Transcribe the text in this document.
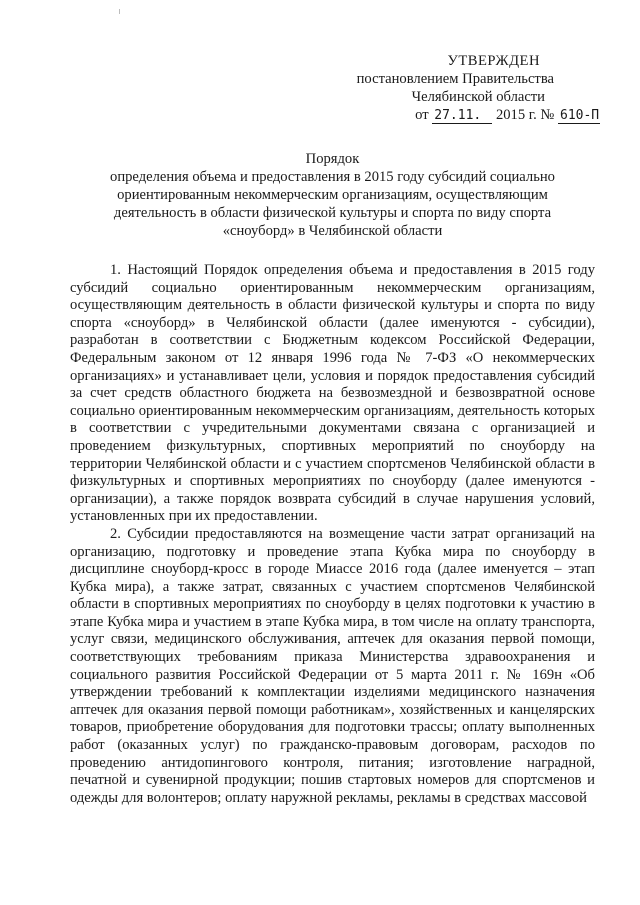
УТВЕРЖДЕН
постановлением Правительства
Челябинской области
от 27.11. 2015 г. № 610-П
Порядок
определения объема и предоставления в 2015 году субсидий социально
ориентированным некоммерческим организациям, осуществляющим
деятельность в области физической культуры и спорта по виду спорта
«сноуборд» в Челябинской области

1. Настоящий Порядок определения объема и предоставления в 2015 году субсидий социально ориентированным некоммерческим организациям, осуществляющим деятельность в области физической культуры и спорта по виду спорта «сноуборд» в Челябинской области (далее именуются - субсидии), разработан в соответствии с Бюджетным кодексом Российской Федерации, Федеральным законом от 12 января 1996 года № 7-ФЗ «О некоммерческих организациях» и устанавливает цели, условия и порядок предоставления субсидий за счет средств областного бюджета на безвозмездной и безвозвратной основе социально ориентированным некоммерческим организациям, деятельность которых в соответствии с учредительными документами связана с организацией и проведением физкультурных, спортивных мероприятий по сноуборду на территории Челябинской области и с участием спортсменов Челябинской области в физкультурных и спортивных мероприятиях по сноуборду (далее именуются - организации), а также порядок возврата субсидий в случае нарушения условий, установленных при их предоставлении.

2. Субсидии предоставляются на возмещение части затрат организаций на организацию, подготовку и проведение этапа Кубка мира по сноуборду в дисциплине сноуборд-кросс в городе Миассе 2016 года (далее именуется – этап Кубка мира), а также затрат, связанных с участием спортсменов Челябинской области в спортивных мероприятиях по сноуборду в целях подготовки к участию в этапе Кубка мира и участием в этапе Кубка мира, в том числе на оплату транспорта, услуг связи, медицинского обслуживания, аптечек для оказания первой помощи, соответствующих требованиям приказа Министерства здравоохранения и социального развития Российской Федерации от 5 марта 2011 г. № 169н «Об утверждении требований к комплектации изделиями медицинского назначения аптечек для оказания первой помощи работникам», хозяйственных и канцелярских товаров, приобретение оборудования для подготовки трассы; оплату выполненных работ (оказанных услуг) по гражданско-правовым договорам, расходов по проведению антидопингового контроля, питания; изготовление наградной, печатной и сувенирной продукции; пошив стартовых номеров для спортсменов и одежды для волонтеров; оплату наружной рекламы, рекламы в средствах массовой
